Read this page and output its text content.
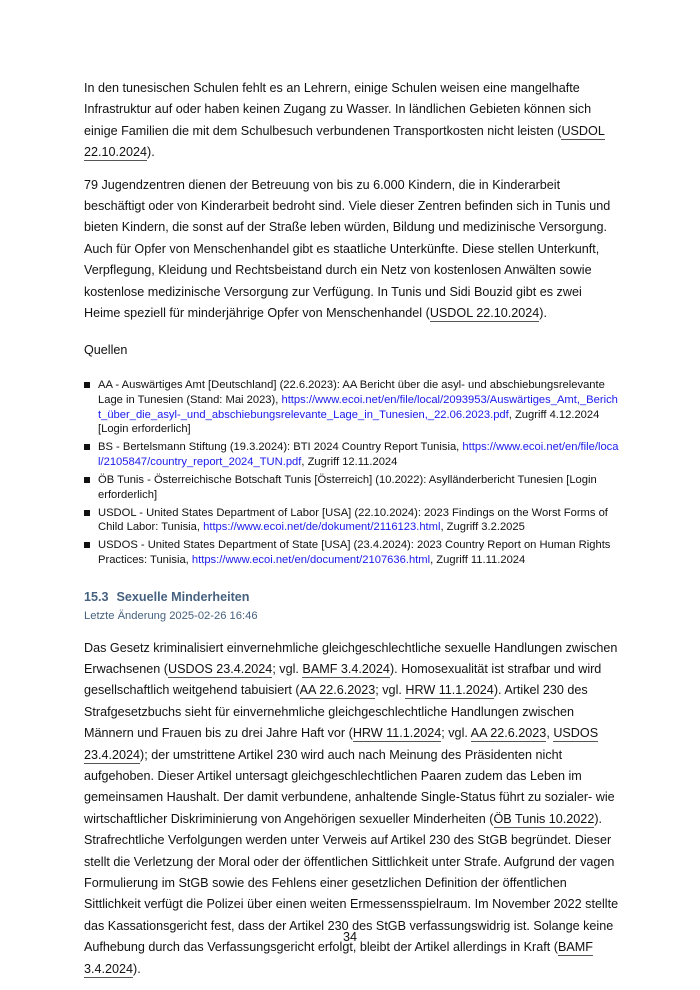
In den tunesischen Schulen fehlt es an Lehrern, einige Schulen weisen eine mangelhafte Infrastruktur auf oder haben keinen Zugang zu Wasser. In ländlichen Gebieten können sich einige Familien die mit dem Schulbesuch verbundenen Transportkosten nicht leisten (USDOL 22.10.2024).

79 Jugendzentren dienen der Betreuung von bis zu 6.000 Kindern, die in Kinderarbeit beschäftigt oder von Kinderarbeit bedroht sind. Viele dieser Zentren befinden sich in Tunis und bieten Kindern, die sonst auf der Straße leben würden, Bildung und medizinische Versorgung. Auch für Opfer von Menschenhandel gibt es staatliche Unterkünfte. Diese stellen Unterkunft, Verpflegung, Kleidung und Rechtsbeistand durch ein Netz von kostenlosen Anwälten sowie kostenlose medizinische Versorgung zur Verfügung. In Tunis und Sidi Bouzid gibt es zwei Heime speziell für minderjährige Opfer von Menschenhandel (USDOL 22.10.2024).

Quellen
AA - Auswärtiges Amt [Deutschland] (22.6.2023): AA Bericht über die asyl- und abschiebungsrelevante Lage in Tunesien (Stand: Mai 2023), https://www.ecoi.net/en/file/local/2093953/Auswärtiges_Amt,_Bericht_über_die_asyl-_und_abschiebungsrelevante_Lage_in_Tunesien,_22.06.2023.pdf, Zugriff 4.12.2024 [Login erforderlich]
BS - Bertelsmann Stiftung (19.3.2024): BTI 2024 Country Report Tunisia, https://www.ecoi.net/en/file/local/2105847/country_report_2024_TUN.pdf, Zugriff 12.11.2024
ÖB Tunis - Österreichische Botschaft Tunis [Österreich] (10.2022): Asylländerbericht Tunesien [Login erforderlich]
USDOL - United States Department of Labor [USA] (22.10.2024): 2023 Findings on the Worst Forms of Child Labor: Tunisia, https://www.ecoi.net/de/dokument/2116123.html, Zugriff 3.2.2025
USDOS - United States Department of State [USA] (23.4.2024): 2023 Country Report on Human Rights Practices: Tunisia, https://www.ecoi.net/en/document/2107636.html, Zugriff 11.11.2024
15.3 Sexuelle Minderheiten
Letzte Änderung 2025-02-26 16:46

Das Gesetz kriminalisiert einvernehmliche gleichgeschlechtliche sexuelle Handlungen zwischen Erwachsenen (USDOS 23.4.2024; vgl. BAMF 3.4.2024). Homosexualität ist strafbar und wird gesellschaftlich weitgehend tabuisiert (AA 22.6.2023; vgl. HRW 11.1.2024). Artikel 230 des Strafgesetzbuchs sieht für einvernehmliche gleichgeschlechtliche Handlungen zwischen Männern und Frauen bis zu drei Jahre Haft vor (HRW 11.1.2024; vgl. AA 22.6.2023, USDOS 23.4.2024); der umstrittene Artikel 230 wird auch nach Meinung des Präsidenten nicht aufgehoben. Dieser Artikel untersagt gleichgeschlechtlichen Paaren zudem das Leben im gemeinsamen Haushalt. Der damit verbundene, anhaltende Single-Status führt zu sozialer- wie wirtschaftlicher Diskriminierung von Angehörigen sexueller Minderheiten (ÖB Tunis 10.2022). Strafrechtliche Verfolgungen werden unter Verweis auf Artikel 230 des StGB begründet. Dieser stellt die Verletzung der Moral oder der öffentlichen Sittlichkeit unter Strafe. Aufgrund der vagen Formulierung im StGB sowie des Fehlens einer gesetzlichen Definition der öffentlichen Sittlichkeit verfügt die Polizei über einen weiten Ermessensspielraum. Im November 2022 stellte das Kassationsgericht fest, dass der Artikel 230 des StGB verfassungswidrig ist. Solange keine Aufhebung durch das Verfassungsgericht erfolgt, bleibt der Artikel allerdings in Kraft (BAMF 3.4.2024).

34
